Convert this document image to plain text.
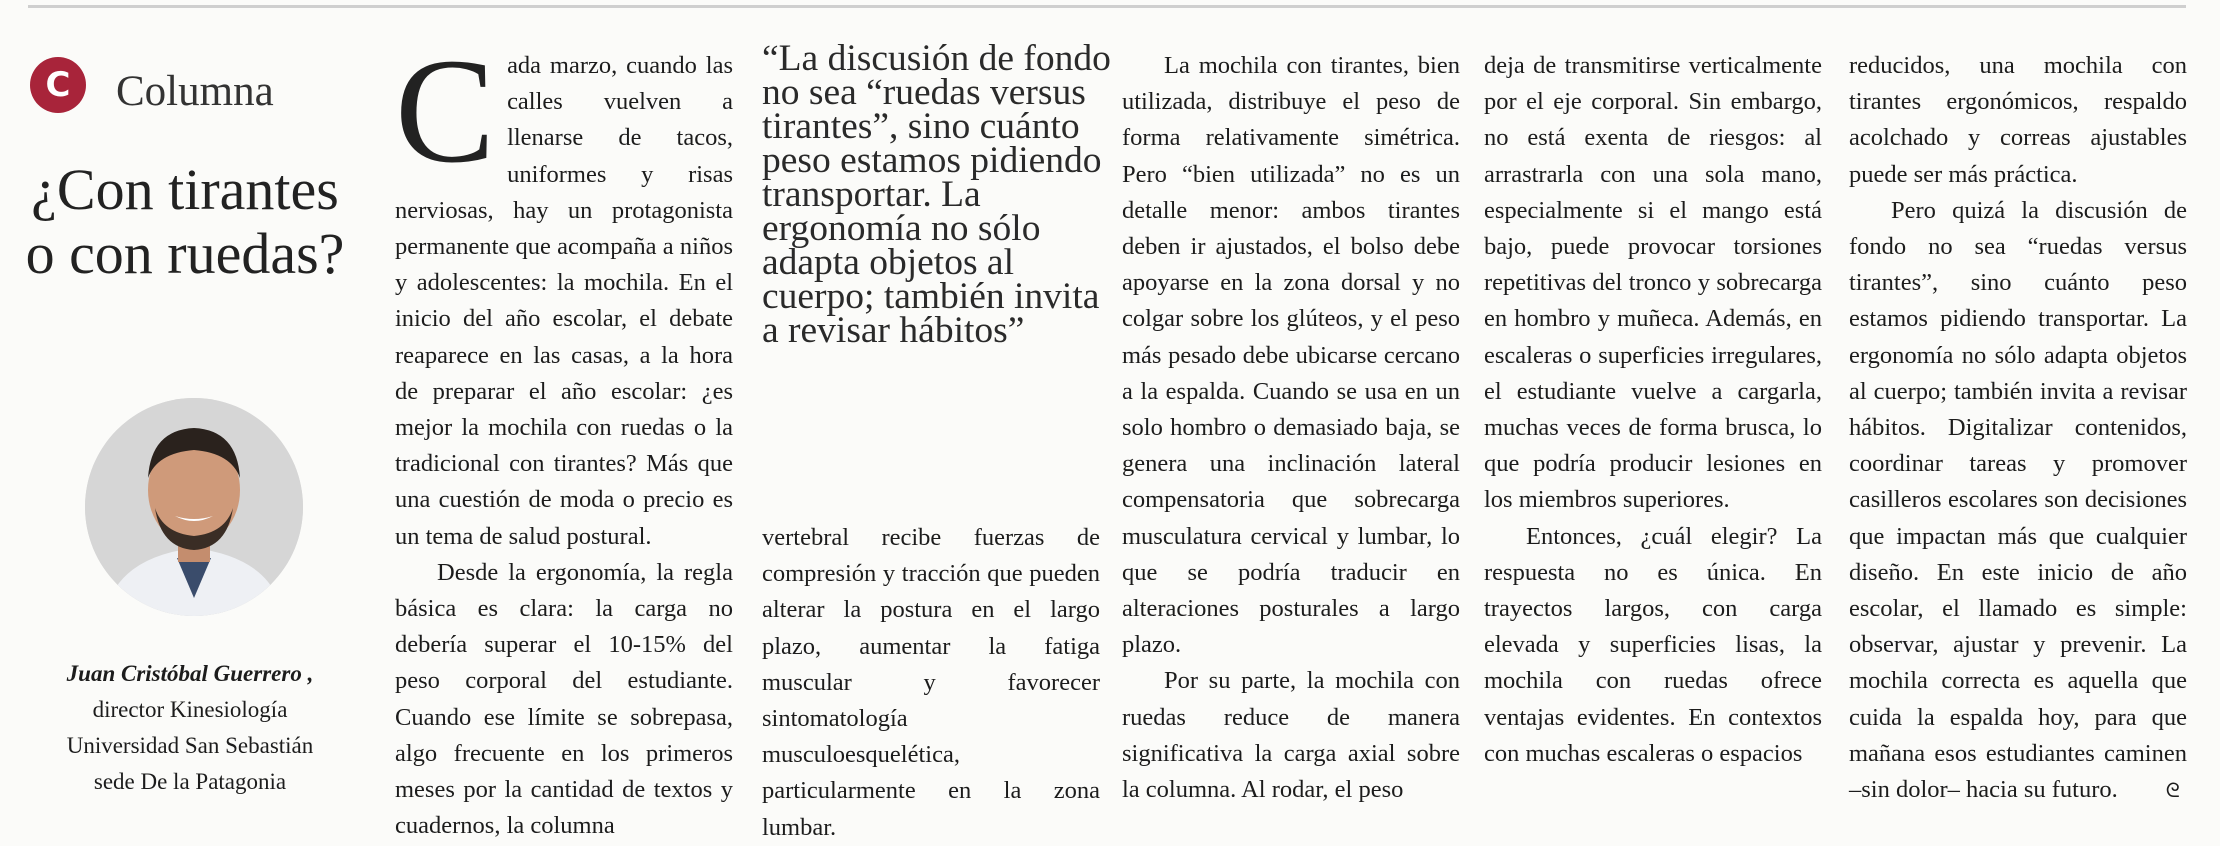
C Columna
¿Con tirantes o con ruedas?
Juan Cristóbal Guerrero ,
director Kinesiología
Universidad San Sebastián
sede De la Patagonia

Cada marzo, cuando las calles vuelven a llenarse de tacos, uniformes y risas nerviosas, hay un protagonista permanente que acompaña a niños y adolescentes: la mochila. En el inicio del año escolar, el debate reaparece en las casas, a la hora de preparar el año escolar: ¿es mejor la mochila con ruedas o la tradicional con tirantes? Más que una cuestión de moda o precio es un tema de salud postural.

Desde la ergonomía, la regla básica es clara: la carga no debería superar el 10-15% del peso corporal del estudiante. Cuando ese límite se sobrepasa, algo frecuente en los primeros meses por la cantidad de textos y cuadernos, la columna

“La discusión de fondo no sea “ruedas versus tirantes”, sino cuánto peso estamos pidiendo transportar. La ergonomía no sólo adapta objetos al cuerpo; también invita a revisar hábitos”

vertebral recibe fuerzas de compresión y tracción que pueden alterar la postura en el largo plazo, aumentar la fatiga muscular y favorecer sintomatología musculoesquelética, particularmente en la zona lumbar.

La mochila con tirantes, bien utilizada, distribuye el peso de forma relativamente simétrica. Pero “bien utilizada” no es un detalle menor: ambos tirantes deben ir ajustados, el bolso debe apoyarse en la zona dorsal y no colgar sobre los glúteos, y el peso más pesado debe ubicarse cercano a la espalda. Cuando se usa en un solo hombro o demasiado baja, se genera una inclinación lateral compensatoria que sobrecarga musculatura cervical y lumbar, lo que se podría traducir en alteraciones posturales a largo plazo.

Por su parte, la mochila con ruedas reduce de manera significativa la carga axial sobre la columna. Al rodar, el peso

deja de transmitirse verticalmente por el eje corporal. Sin embargo, no está exenta de riesgos: al arrastrarla con una sola mano, especialmente si el mango está bajo, puede provocar torsiones repetitivas del tronco y sobrecarga en hombro y muñeca. Además, en escaleras o superficies irregulares, el estudiante vuelve a cargarla, muchas veces de forma brusca, lo que podría producir lesiones en los miembros superiores.

Entonces, ¿cuál elegir? La respuesta no es única. En trayectos largos, con carga elevada y superficies lisas, la mochila con ruedas ofrece ventajas evidentes. En contextos con muchas escaleras o espacios

reducidos, una mochila con tirantes ergonómicos, respaldo acolchado y correas ajustables puede ser más práctica.

Pero quizá la discusión de fondo no sea “ruedas versus tirantes”, sino cuánto peso estamos pidiendo transportar. La ergonomía no sólo adapta objetos al cuerpo; también invita a revisar hábitos. Digitalizar contenidos, coordinar tareas y promover casilleros escolares son decisiones que impactan más que cualquier diseño. En este inicio de año escolar, el llamado es simple: observar, ajustar y prevenir. La mochila correcta es aquella que cuida la espalda hoy, para que mañana esos estudiantes caminen –sin dolor– hacia su futuro. ᘓ
